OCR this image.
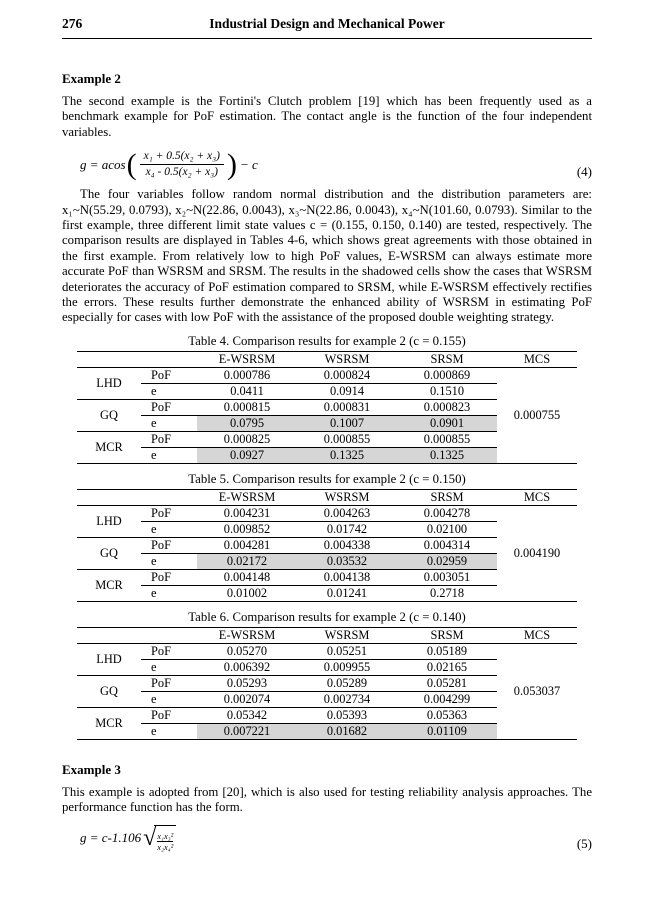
276	Industrial Design and Mechanical Power
Example 2

The second example is the Fortini's Clutch problem [19] which has been frequently used as a benchmark example for PoF estimation. The contact angle is the function of the four independent variables.

g = acos ( $\frac{\text{x₁ + 0.5(x₂ + x₃)}}{\text{x₄ - 0.5(x₂ + x₃)}}$ ) − c	(4)

The four variables follow random normal distribution and the distribution parameters are: x₁~N(55.29, 0.0793), x₂~N(22.86, 0.0043), x₃~N(22.86, 0.0043), x₄~N(101.60, 0.0793). Similar to the first example, three different limit state values c = (0.155, 0.150, 0.140) are tested, respectively. The comparison results are displayed in Tables 4-6, which shows great agreements with those obtained in the first example. From relatively low to high PoF values, E-WSRSM can always estimate more accurate PoF than WSRSM and SRSM. The results in the shadowed cells show the cases that WSRSM deteriorates the accuracy of PoF estimation compared to SRSM, while E-WSRSM effectively rectifies the errors. These results further demonstrate the enhanced ability of WSRSM in estimating PoF especially for cases with low PoF with the assistance of the proposed double weighting strategy.

Table 4. Comparison results for example 2 (c = 0.155)
		E-WSRSM	WSRSM	SRSM	MCS
LHD	PoF	0.000786	0.000824	0.000869	0.000755
	e	0.0411	0.0914	0.1510	
GQ	PoF	0.000815	0.000831	0.000823	
	e	0.0795	0.1007	0.0901	
MCR	PoF	0.000825	0.000855	0.000855	
	e	0.0927	0.1325	0.1325	
Table 5. Comparison results for example 2 (c = 0.150)
		E-WSRSM	WSRSM	SRSM	MCS
LHD	PoF	0.004231	0.004263	0.004278	0.004190
	e	0.009852	0.01742	0.02100	
GQ	PoF	0.004281	0.004338	0.004314	
	e	0.02172	0.03532	0.02959	
MCR	PoF	0.004148	0.004138	0.003051	
	e	0.01002	0.01241	0.2718	
Table 6. Comparison results for example 2 (c = 0.140)
		E-WSRSM	WSRSM	SRSM	MCS
LHD	PoF	0.05270	0.05251	0.05189	0.053037
	e	0.006392	0.009955	0.02165	
GQ	PoF	0.05293	0.05289	0.05281	
	e	0.002074	0.002734	0.004299	
MCR	PoF	0.05342	0.05393	0.05363	
	e	0.007221	0.01682	0.01109	
Example 3

This example is adopted from [20], which is also used for testing reliability analysis approaches. The performance function has the form.

g = c-1.106 √ $\frac{\text{x₁x₃²}}{\text{x₂x₄²}}$	(5)
